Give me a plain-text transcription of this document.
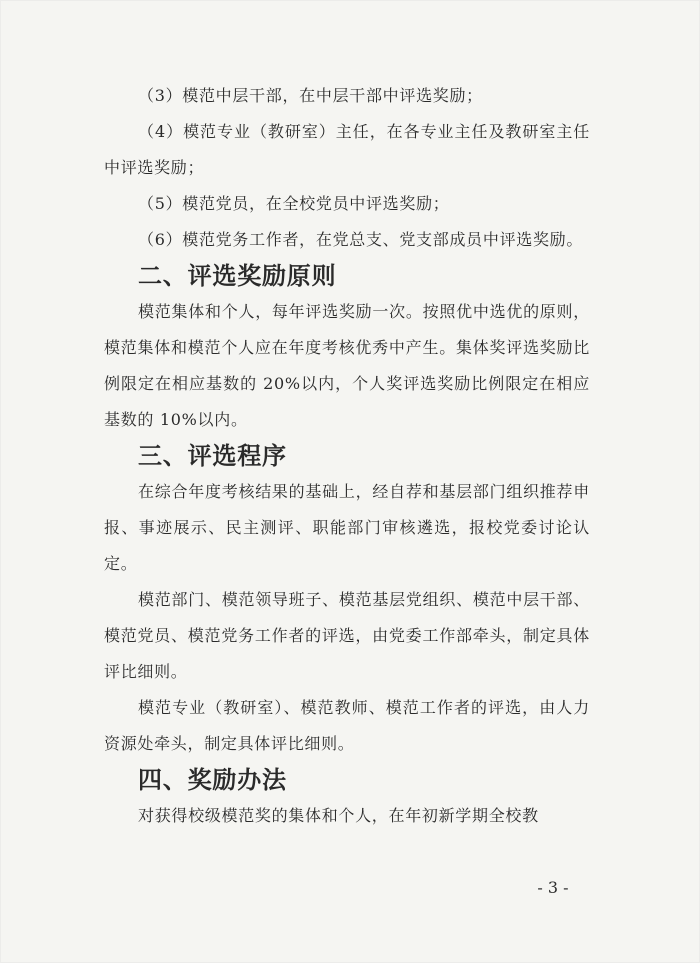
（3）模范中层干部，在中层干部中评选奖励；

（4）模范专业（教研室）主任，在各专业主任及教研室主任中评选奖励；

（5）模范党员，在全校党员中评选奖励；

（6）模范党务工作者，在党总支、党支部成员中评选奖励。

二、评选奖励原则

模范集体和个人，每年评选奖励一次。按照优中选优的原则，模范集体和模范个人应在年度考核优秀中产生。集体奖评选奖励比例限定在相应基数的 20%以内，个人奖评选奖励比例限定在相应基数的 10%以内。

三、评选程序

在综合年度考核结果的基础上，经自荐和基层部门组织推荐申报、事迹展示、民主测评、职能部门审核遴选，报校党委讨论认定。

模范部门、模范领导班子、模范基层党组织、模范中层干部、模范党员、模范党务工作者的评选，由党委工作部牵头，制定具体评比细则。

模范专业（教研室）、模范教师、模范工作者的评选，由人力资源处牵头，制定具体评比细则。

四、奖励办法

对获得校级模范奖的集体和个人，在年初新学期全校教

- 3 -
